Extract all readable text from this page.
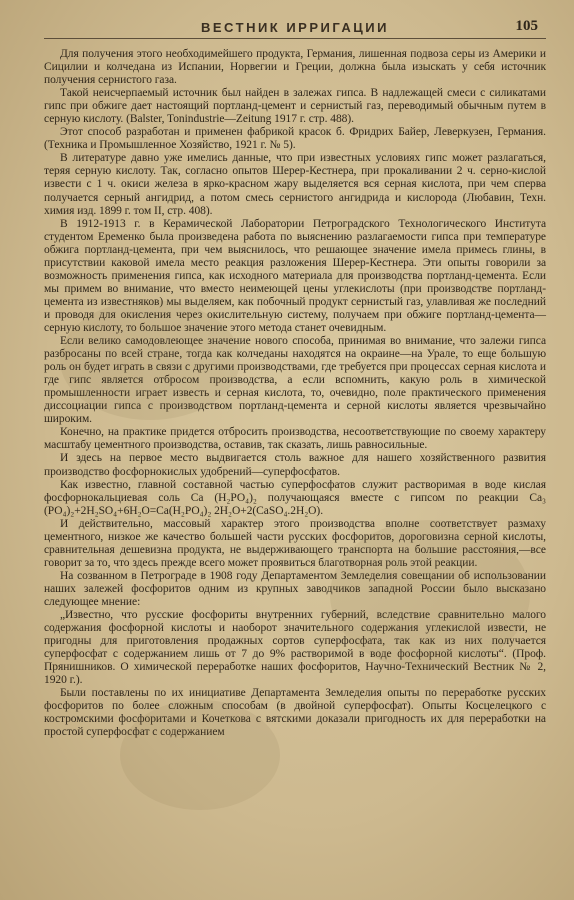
ВЕСТНИК ИРРИГАЦИИ	105

Для получения этого необходимейшего продукта, Германия, лишенная подвоза серы из Америки и Сицилии и колчедана из Испании, Норвегии и Греции, должна была изыскать у себя источник получения сернистого газа.

Такой неисчерпаемый источник был найден в залежах гипса. В надлежащей смеси с силикатами гипс при обжиге дает настоящий портланд-цемент и сернистый газ, переводимый обычным путем в серную кислоту. (Balster, Tonindustrie—Zeitung 1917 г. стр. 488).

Этот способ разработан и применен фабрикой красок б. Фридрих Байер, Леверкузен, Германия. (Техника и Промышленное Хозяйство, 1921 г. № 5).

В литературе давно уже имелись данные, что при известных условиях гипс может разлагаться, теряя серную кислоту. Так, согласно опытов Шерер-Кестнера, при прокаливании 2 ч. серно-кислой извести с 1 ч. окиси железа в ярко-красном жару выделяется вся серная кислота, при чем сперва получается серный ангидрид, а потом смесь сернистого ангидрида и кислорода (Любавин, Техн. химия изд. 1899 г. том II, стр. 408).

В 1912-1913 г. в Керамической Лаборатории Петроградского Технологического Института студентом Еременко была произведена работа по выяснению разлагаемости гипса при температуре обжига портланд-цемента, при чем выяснилось, что решающее значение имела примесь глины, в присутствии каковой имела место реакция разложения Шерер-Кестнера. Эти опыты говорили за возможность применения гипса, как исходного материала для производства портланд-цемента. Если мы примем во внимание, что вместо неимеющей цены углекислоты (при производстве портланд-цемента из известняков) мы выделяем, как побочный продукт сернистый газ, улавливая же последний и проводя для окисления через окислительную систему, получаем при обжиге портланд-цемента—серную кислоту, то большое значение этого метода станет очевидным.

Если велико самодовлеющее значение нового способа, принимая во внимание, что залежи гипса разбросаны по всей стране, тогда как колчеданы находятся на окраине—на Урале, то еще большую роль он будет играть в связи с другими производствами, где требуется при процессах серная кислота и где гипс является отбросом производства, а если вспомнить, какую роль в химической промышленности играет известь и серная кислота, то, очевидно, поле практического применения диссоциации гипса с производством портланд-цемента и серной кислоты является чрезвычайно широким.

Конечно, на практике придется отбросить производства, несоответствующие по своему характеру масштабу цементного производства, оставив, так сказать, лишь равносильные.

И здесь на первое место выдвигается столь важное для нашего хозяйственного развития производство фосфорнокислых удобрений—суперфосфатов.

Как известно, главной составной частью суперфосфатов служит растворимая в воде кислая фосфорнокальциевая соль Са (Н₂РО₄)₂ получающаяся вместе с гипсом по реакции Са₃ (РО₄)₂+2Н₂SО₄+6Н₂О=Са(Н₂РО₄)₂ 2Н₂О+2(СаSО₄.2Н₂О).

И действительно, массовый характер этого производства вполне соответствует размаху цементного, низкое же качество большей части русских фосфоритов, дороговизна серной кислоты, сравнительная дешевизна продукта, не выдерживающего транспорта на большие расстояния,—все говорит за то, что здесь прежде всего может проявиться благотворная роль этой реакции.

На созванном в Петрограде в 1908 году Департаментом Земледелия совещании об использовании наших залежей фосфоритов одним из крупных заводчиков западной России было высказано следующее мнение:

„Известно, что русские фосфориты внутренних губерний, вследствие сравнительно малого содержания фосфорной кислоты и наоборот значительного содержания углекислой извести, не пригодны для приготовления продажных сортов суперфосфата, так как из них получается суперфосфат с содержанием лишь от 7 до 9% растворимой в воде фосфорной кислоты“. (Проф. Прянишников. О химической переработке наших фосфоритов, Научно-Технический Вестник № 2, 1920 г.).

Были поставлены по их инициативе Департамента Земледелия опыты по переработке русских фосфоритов по более сложным способам (в двойной суперфосфат). Опыты Косцелецкого с костромскими фосфоритами и Кочеткова с вятскими доказали пригодность их для переработки на простой суперфосфат с содержанием
